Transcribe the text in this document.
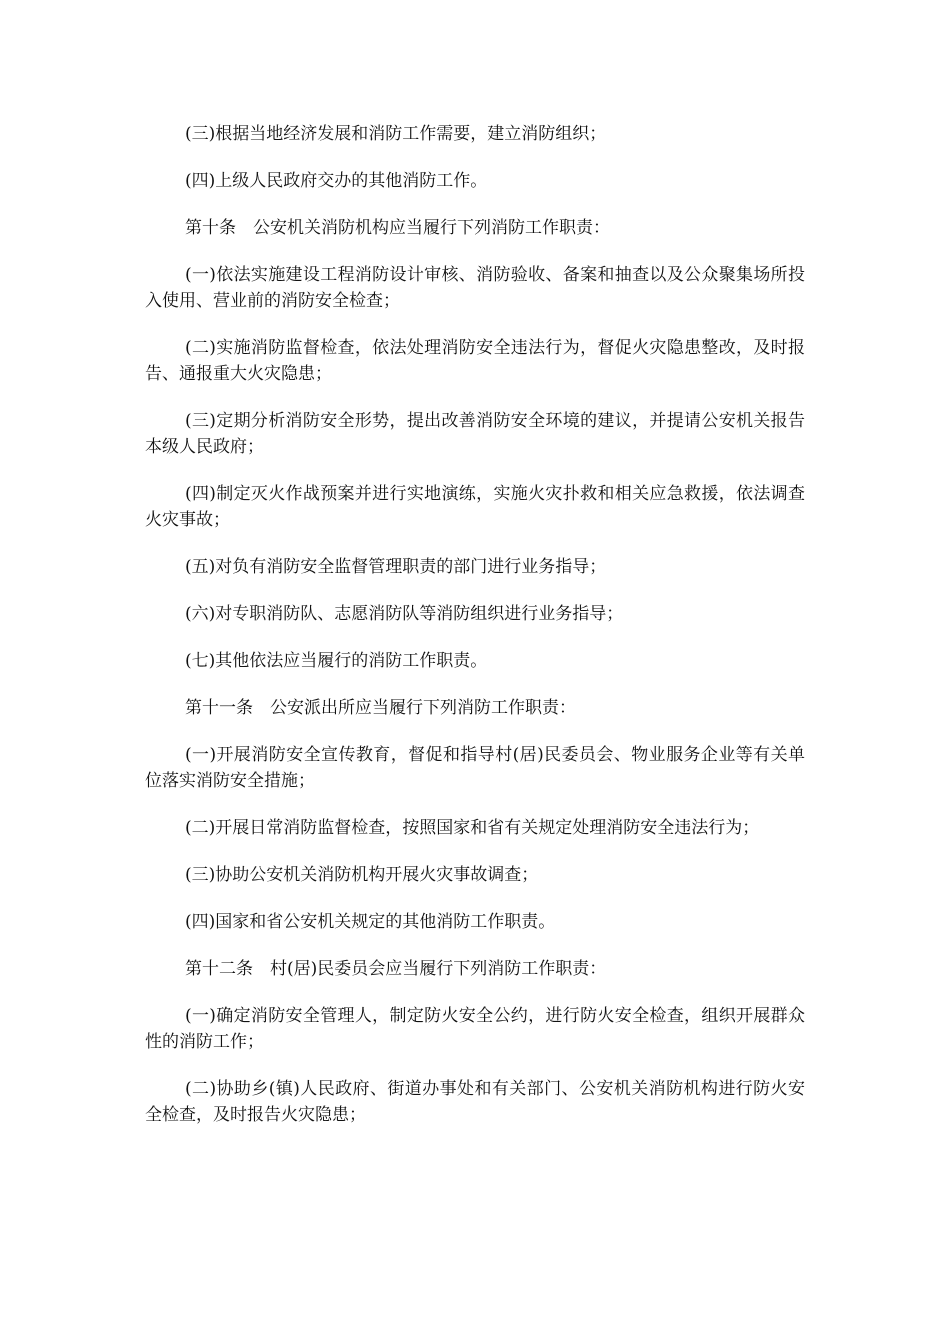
(三)根据当地经济发展和消防工作需要，建立消防组织；

(四)上级人民政府交办的其他消防工作。

第十条　公安机关消防机构应当履行下列消防工作职责：

(一)依法实施建设工程消防设计审核、消防验收、备案和抽查以及公众聚集场所投入使用、营业前的消防安全检查；

(二)实施消防监督检查，依法处理消防安全违法行为，督促火灾隐患整改，及时报告、通报重大火灾隐患；

(三)定期分析消防安全形势，提出改善消防安全环境的建议，并提请公安机关报告本级人民政府；

(四)制定灭火作战预案并进行实地演练，实施火灾扑救和相关应急救援，依法调查火灾事故；

(五)对负有消防安全监督管理职责的部门进行业务指导；

(六)对专职消防队、志愿消防队等消防组织进行业务指导；

(七)其他依法应当履行的消防工作职责。

第十一条　公安派出所应当履行下列消防工作职责：

(一)开展消防安全宣传教育，督促和指导村(居)民委员会、物业服务企业等有关单位落实消防安全措施；

(二)开展日常消防监督检查，按照国家和省有关规定处理消防安全违法行为；

(三)协助公安机关消防机构开展火灾事故调查；

(四)国家和省公安机关规定的其他消防工作职责。

第十二条　村(居)民委员会应当履行下列消防工作职责：

(一)确定消防安全管理人，制定防火安全公约，进行防火安全检查，组织开展群众性的消防工作；

(二)协助乡(镇)人民政府、街道办事处和有关部门、公安机关消防机构进行防火安全检查，及时报告火灾隐患；
